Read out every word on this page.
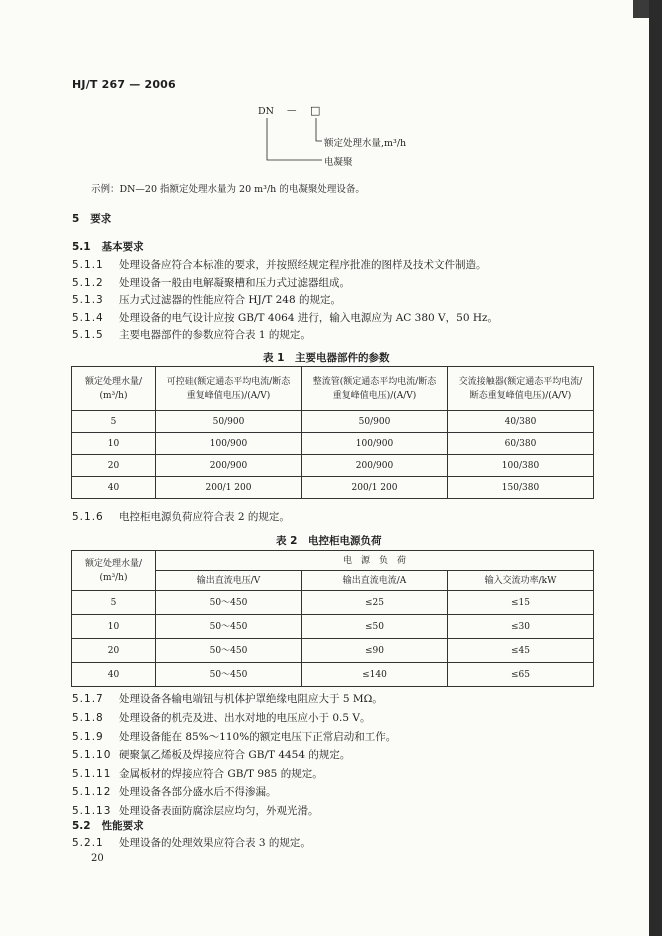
HJ/T 267 — 2006
DN — □
额定处理水量,m³/h
电凝聚
示例：DN—20 指额定处理水量为 20 m³/h 的电凝聚处理设备。
5 要求
5.1 基本要求
5.1.1 处理设备应符合本标准的要求，并按照经规定程序批准的图样及技术文件制造。
5.1.2 处理设备一般由电解凝聚槽和压力式过滤器组成。
5.1.3 压力式过滤器的性能应符合 HJ/T 248 的规定。
5.1.4 处理设备的电气设计应按 GB/T 4064 进行，输入电源应为 AC 380 V，50 Hz。
5.1.5 主要电器部件的参数应符合表 1 的规定。
表 1　主要电器部件的参数
额定处理水量/
(m³/h)	可控硅(额定通态平均电流/断态
重复峰值电压)/(A/V)	整流管(额定通态平均电流/断态
重复峰值电压)/(A/V)	交流接触器(额定通态平均电流/
断态重复峰值电压)/(A/V)
5	50/900	50/900	40/380
10	100/900	100/900	60/380
20	200/900	200/900	100/380
40	200/1 200	200/1 200	150/380
5.1.6 电控柜电源负荷应符合表 2 的规定。
表 2　电控柜电源负荷
额定处理水量/
(m³/h)	电　源　负　荷		
	输出直流电压/V	输出直流电流/A	输入交流功率/kW
5	50～450	≤25	≤15
10	50～450	≤50	≤30
20	50～450	≤90	≤45
40	50～450	≤140	≤65
5.1.7 处理设备各输电端钮与机体护罩绝缘电阻应大于 5 MΩ。
5.1.8 处理设备的机壳及进、出水对地的电压应小于 0.5 V。
5.1.9 处理设备能在 85%～110%的额定电压下正常启动和工作。
5.1.10 硬聚氯乙烯板及焊接应符合 GB/T 4454 的规定。
5.1.11 金属板材的焊接应符合 GB/T 985 的规定。
5.1.12 处理设备各部分盛水后不得渗漏。
5.1.13 处理设备表面防腐涂层应均匀，外观光滑。
5.2 性能要求
5.2.1 处理设备的处理效果应符合表 3 的规定。
20
